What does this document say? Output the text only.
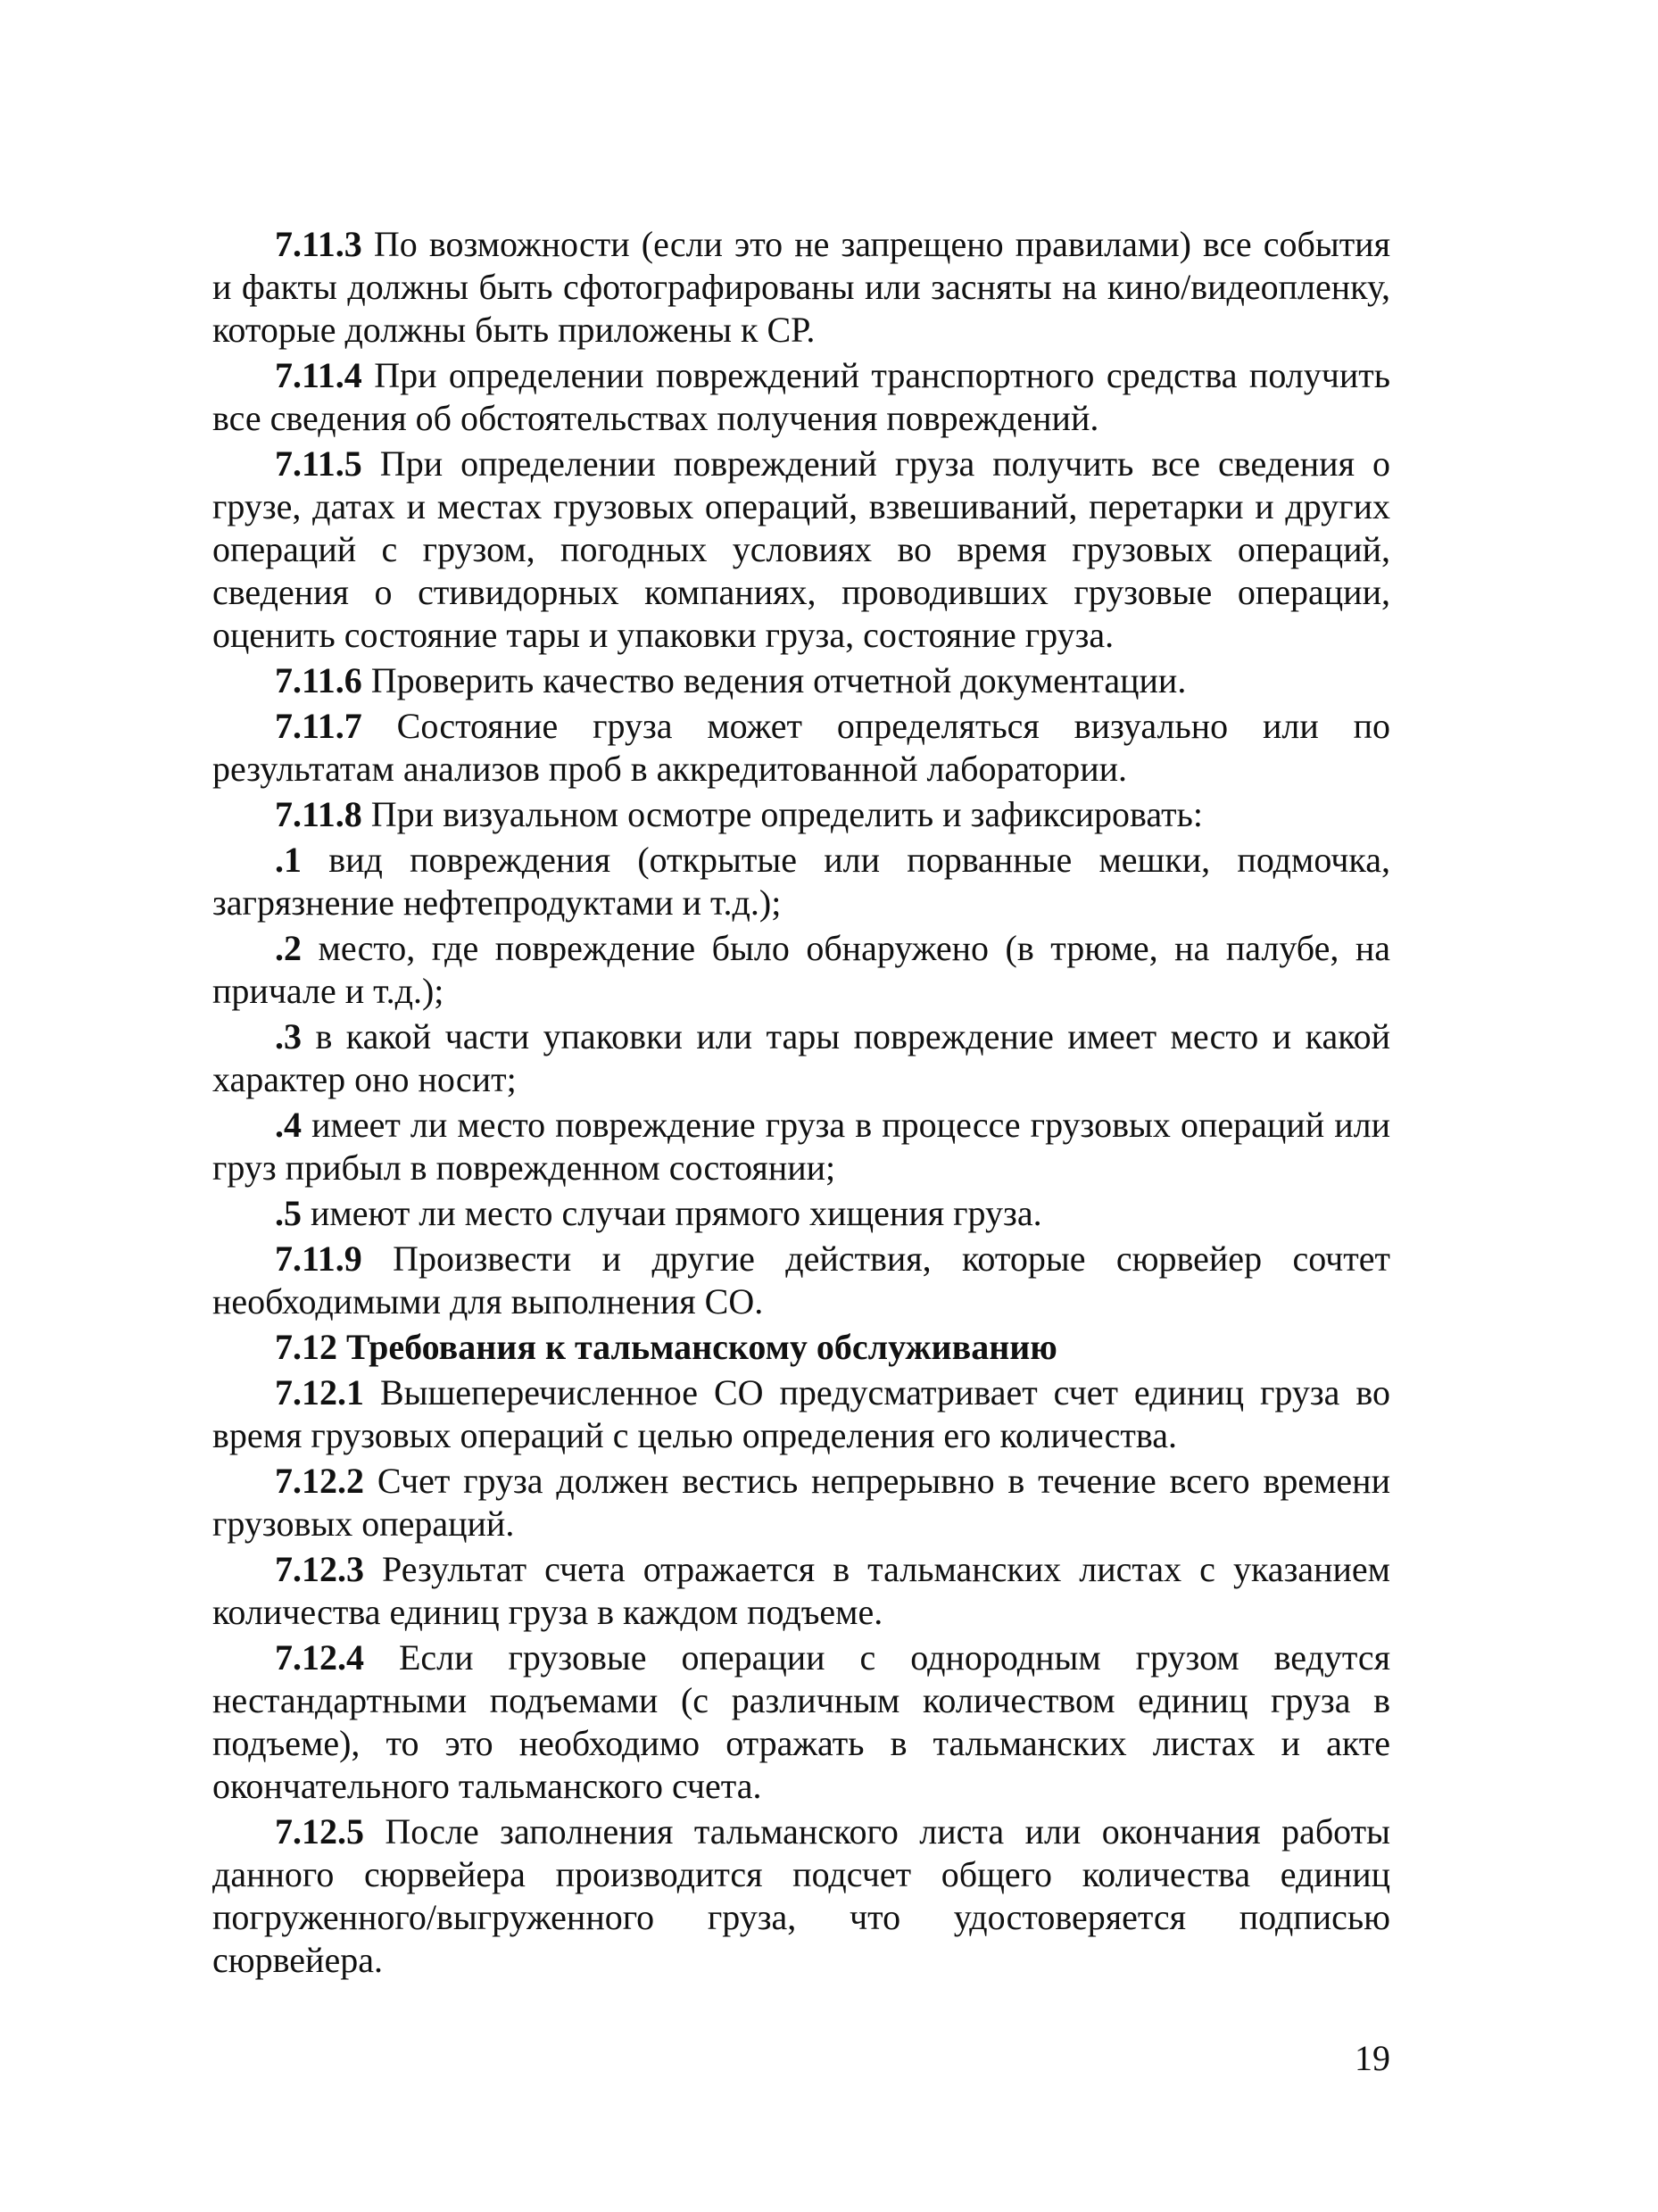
7.11.3 По возможности (если это не запрещено правилами) все события и факты должны быть сфотографированы или засняты на кино/видеопленку, которые должны быть приложены к СР.

7.11.4 При определении повреждений транспортного средства получить все сведения об обстоятельствах получения повреждений.

7.11.5 При определении повреждений груза получить все сведения о грузе, датах и местах грузовых операций, взвешиваний, перетарки и других операций с грузом, погодных условиях во время грузовых операций, сведения о стивидорных компаниях, проводивших грузовые операции, оценить состояние тары и упаковки груза, состояние груза.

7.11.6 Проверить качество ведения отчетной документации.

7.11.7 Состояние груза может определяться визуально или по результатам анализов проб в аккредитованной лаборатории.

7.11.8 При визуальном осмотре определить и зафиксировать:

.1 вид повреждения (открытые или порванные мешки, подмочка, загрязнение нефтепродуктами и т.д.);

.2 место, где повреждение было обнаружено (в трюме, на палубе, на причале и т.д.);

.3 в какой части упаковки или тары повреждение имеет место и какой характер оно носит;

.4 имеет ли место повреждение груза в процессе грузовых операций или груз прибыл в поврежденном состоянии;

.5 имеют ли место случаи прямого хищения груза.

7.11.9 Произвести и другие действия, которые сюрвейер сочтет необходимыми для выполнения СО.

7.12 Требования к тальманскому обслуживанию

7.12.1 Вышеперечисленное СО предусматривает счет единиц груза во время грузовых операций с целью определения его количества.

7.12.2 Счет груза должен вестись непрерывно в течение всего времени грузовых операций.

7.12.3 Результат счета отражается в тальманских листах с указанием количества единиц груза в каждом подъеме.

7.12.4 Если грузовые операции с однородным грузом ведутся нестандартными подъемами (с различным количеством единиц груза в подъеме), то это необходимо отражать в тальманских листах и акте окончательного тальманского счета.

7.12.5 После заполнения тальманского листа или окончания работы данного сюрвейера производится подсчет общего количества единиц погруженного/выгруженного груза, что удостоверяется подписью сюрвейера.

19
